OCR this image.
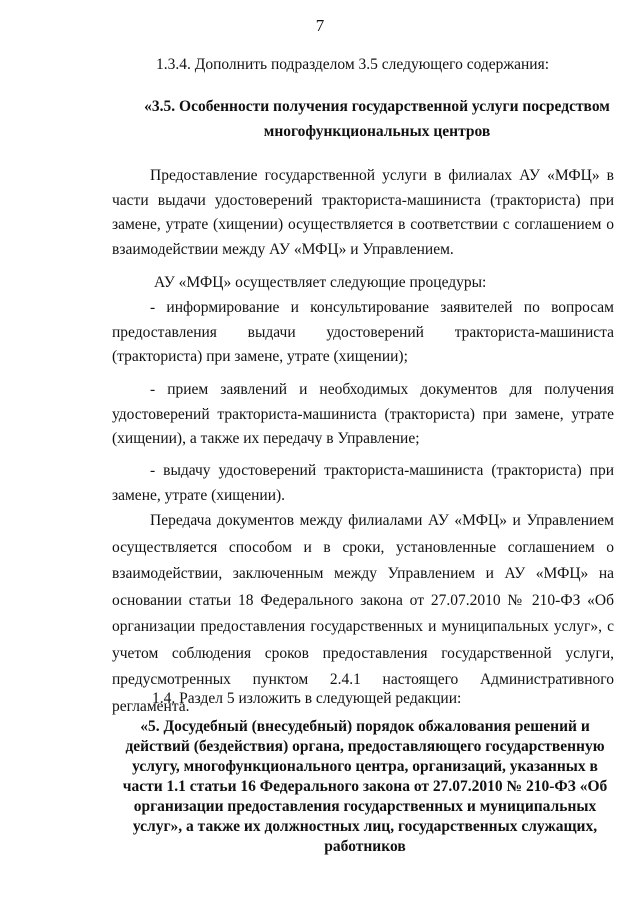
7
1.3.4. Дополнить подразделом 3.5 следующего содержания:
«3.5. Особенности получения государственной услуги посредством многофункциональных центров
Предоставление государственной услуги в филиалах АУ «МФЦ» в части выдачи удостоверений тракториста-машиниста (тракториста) при замене, утрате (хищении) осуществляется в соответствии с соглашением о взаимодействии между АУ «МФЦ» и Управлением.
АУ «МФЦ» осуществляет следующие процедуры:
- информирование и консультирование заявителей по вопросам предоставления выдачи удостоверений тракториста-машиниста (тракториста) при замене, утрате (хищении);
- прием заявлений и необходимых документов для получения удостоверений тракториста-машиниста (тракториста) при замене, утрате (хищении), а также их передачу в Управление;
- выдачу удостоверений тракториста-машиниста (тракториста) при замене, утрате (хищении).
Передача документов между филиалами АУ «МФЦ» и Управлением осуществляется способом и в сроки, установленные соглашением о взаимодействии, заключенным между Управлением и АУ «МФЦ» на основании статьи 18 Федерального закона от 27.07.2010 № 210-ФЗ «Об организации предоставления государственных и муниципальных услуг», с учетом соблюдения сроков предоставления государственной услуги, предусмотренных пунктом 2.4.1 настоящего Административного регламента.
1.4. Раздел 5 изложить в следующей редакции:
«5. Досудебный (внесудебный) порядок обжалования решений и действий (бездействия) органа, предоставляющего государственную услугу, многофункционального центра, организаций, указанных в части 1.1 статьи 16 Федерального закона от 27.07.2010 № 210-ФЗ «Об организации предоставления государственных и муниципальных услуг», а также их должностных лиц, государственных служащих, работников
